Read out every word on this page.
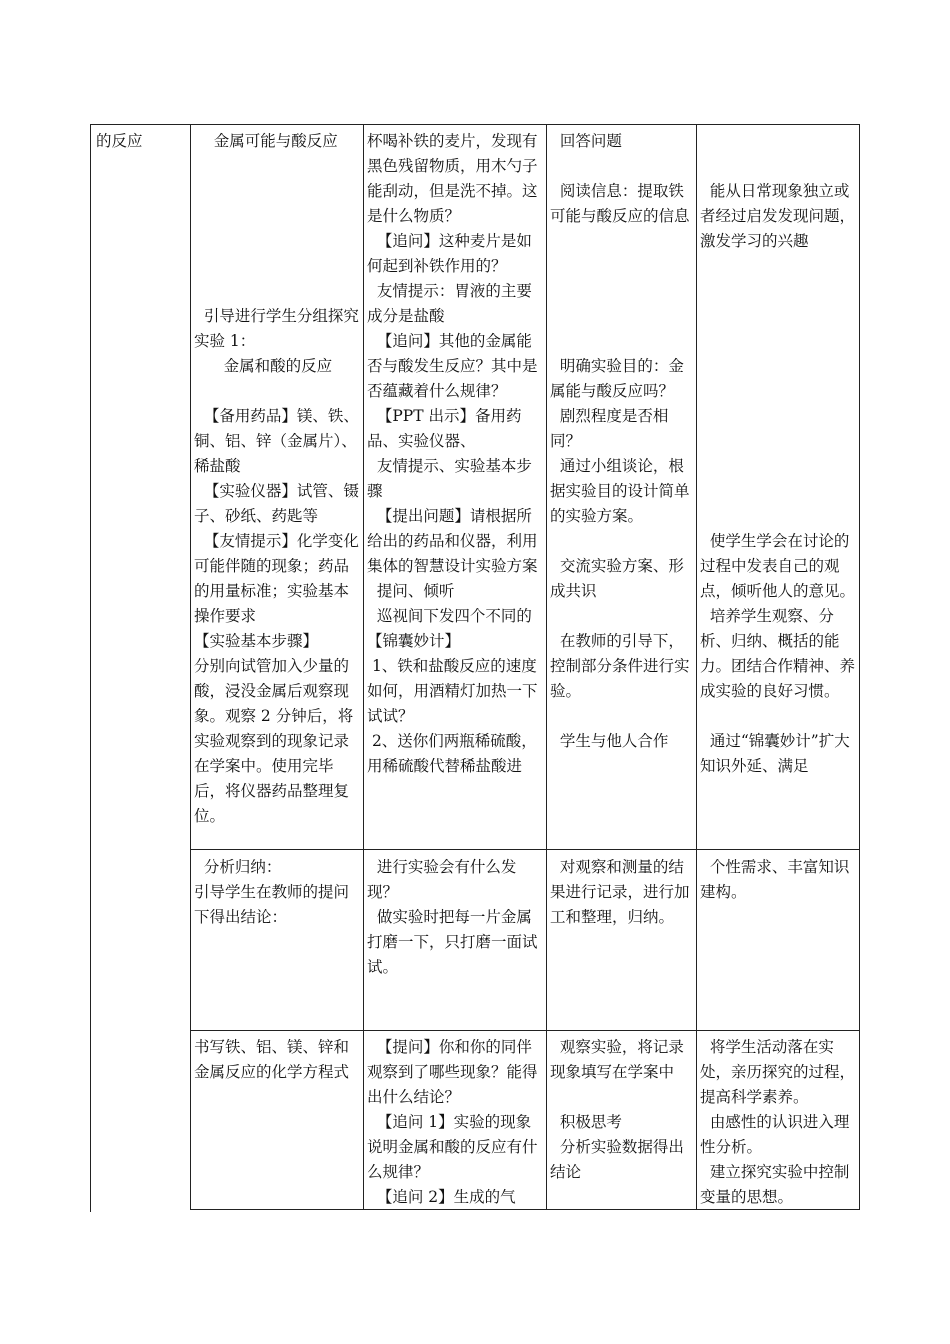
的反应	金属可能与酸反应

引导进行学生分组探究实验 1：
金属和酸的反应

【备用药品】镁、铁、铜、铝、锌（金属片）、稀盐酸
【实验仪器】试管、镊子、砂纸、药匙等
【友情提示】化学变化可能伴随的现象；药品的用量标准；实验基本操作要求
【实验基本步骤】
分别向试管加入少量的酸，浸没金属后观察现象。观察 2 分钟后，将实验观察到的现象记录在学案中。使用完毕后，将仪器药品整理复位。
杯喝补铁的麦片，发现有黑色残留物质，用木勺子能刮动，但是洗不掉。这是什么物质？
【追问】这种麦片是如何起到补铁作用的？
友情提示：胃液的主要成分是盐酸
【追问】其他的金属能否与酸发生反应？其中是否蕴藏着什么规律？
【PPT 出示】备用药品、实验仪器、
友情提示、实验基本步骤
【提出问题】请根据所给出的药品和仪器，利用集体的智慧设计实验方案
提问、倾听
巡视间下发四个不同的【锦囊妙计】
1、铁和盐酸反应的速度如何，用酒精灯加热一下试试？
2、送你们两瓶稀硫酸，用稀硫酸代替稀盐酸进
回答问题

阅读信息：提取铁可能与酸反应的信息

明确实验目的：金属能与酸反应吗？
剧烈程度是否相同？
通过小组谈论，根据实验目的设计简单的实验方案。

交流实验方案、形成共识

在教师的引导下，控制部分条件进行实验。

学生与他人合作

能从日常现象独立或者经过启发发现问题，激发学习的兴趣

使学生学会在讨论的过程中发表自己的观点，倾听他人的意见。
培养学生观察、分析、归纳、概括的能力。团结合作精神、养成实验的良好习惯。

通过“锦囊妙计”扩大知识外延、满足
分析归纳：
引导学生在教师的提问下得出结论：
进行实验会有什么发现？
做实验时把每一片金属打磨一下，只打磨一面试试。
对观察和测量的结果进行记录，进行加工和整理，归纳。
个性需求、丰富知识建构。
书写铁、铝、镁、锌和金属反应的化学方程式
【提问】你和你的同伴观察到了哪些现象？能得出什么结论？
【追问 1】实验的现象说明金属和酸的反应有什么规律？
【追问 2】生成的气
观察实验，将记录现象填写在学案中

积极思考
分析实验数据得出结论
将学生活动落在实处，亲历探究的过程，提高科学素养。
由感性的认识进入理性分析。
建立探究实验中控制变量的思想。
